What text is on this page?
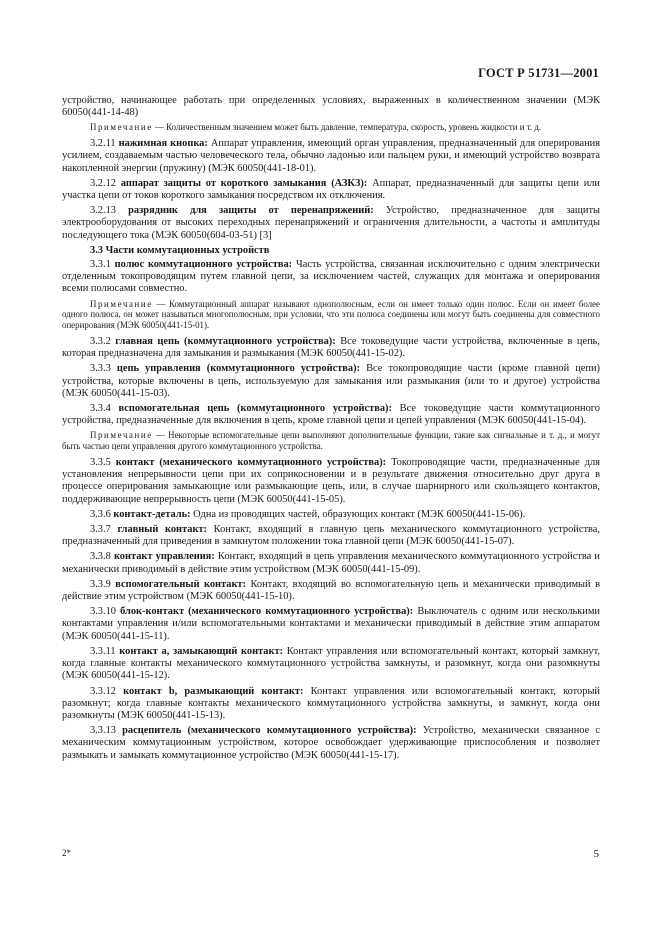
ГОСТ Р 51731—2001

устройство, начинающее работать при определенных условиях, выраженных в количественном значении (МЭК 60050(441-14-48)

Примечание — Количественным значением может быть давление, температура, скорость, уровень жидкости и т. д.

3.2.11 нажимная кнопка: Аппарат управления, имеющий орган управления, предназначенный для оперирования усилием, создаваемым частью человеческого тела, обычно ладонью или пальцем руки, и имеющий устройство возврата накопленной энергии (пружину) (МЭК 60050(441-18-01).

3.2.12 аппарат защиты от короткого замыкания (АЗКЗ): Аппарат, предназначенный для защиты цепи или участка цепи от токов короткого замыкания посредством их отключения.

3.2.13 разрядник для защиты от перенапряжений: Устройство, предназначенное для защиты электрооборудования от высоких переходных перенапряжений и ограничения длительности, а частоты и амплитуды последующего тока (МЭК 60050(604-03-51) [3]

3.3 Части коммутационных устройств

3.3.1 полюс коммутационного устройства: Часть устройства, связанная исключительно с одним электрически отделенным токопроводящим путем главной цепи, за исключением частей, служащих для монтажа и оперирования всеми полюсами совместно.

Примечание — Коммутационный аппарат называют однополюсным, если он имеет только один полюс. Если он имеет более одного полюса, он может называться многополюсным, при условии, что эти полюса соединены или могут быть соединены для совместного оперирования (МЭК 60050(441-15-01).

3.3.2 главная цепь (коммутационного устройства): Все токоведущие части устройства, включенные в цепь, которая предназначена для замыкания и размыкания (МЭК 60050(441-15-02).

3.3.3 цепь управления (коммутационного устройства): Все токопроводящие части (кроме главной цепи) устройства, которые включены в цепь, используемую для замыкания или размыкания (или то и другое) устройства (МЭК 60050(441-15-03).

3.3.4 вспомогательная цепь (коммутационного устройства): Все токоведущие части коммутационного устройства, предназначенные для включения в цепь, кроме главной цепи и цепей управления (МЭК 60050(441-15-04).

Примечание — Некоторые вспомогательные цепи выполняют дополнительные функции, такие как сигнальные и т. д., и могут быть частью цепи управления другого коммутационного устройства.

3.3.5 контакт (механического коммутационного устройства): Токопроводящие части, предназначенные для установления непрерывности цепи при их соприкосновении и в результате движения относительно друг друга в процессе оперирования замыкающие или размыкающие цепь, или, в случае шарнирного или скользящего контактов, поддерживающие непрерывность цепи (МЭК 60050(441-15-05).

3.3.6 контакт-деталь: Одна из проводящих частей, образующих контакт (МЭК 60050(441-15-06).

3.3.7 главный контакт: Контакт, входящий в главную цепь механического коммутационного устройства, предназначенный для приведения в замкнутом положении тока главной цепи (МЭК 60050(441-15-07).

3.3.8 контакт управления: Контакт, входящий в цепь управления механического коммутационного устройства и механически приводимый в действие этим устройством (МЭК 60050(441-15-09).

3.3.9 вспомогательный контакт: Контакт, входящий во вспомогательную цепь и механически приводимый в действие этим устройством (МЭК 60050(441-15-10).

3.3.10 блок-контакт (механического коммутационного устройства): Выключатель с одним или несколькими контактами управления и/или вспомогательными контактами и механически приводимый в действие этим аппаратом (МЭК 60050(441-15-11).

3.3.11 контакт а, замыкающий контакт: Контакт управления или вспомогательный контакт, который замкнут, когда главные контакты механического коммутационного устройства замкнуты, и разомкнут, когда они разомкнуты (МЭК 60050(441-15-12).

3.3.12 контакт b, размыкающий контакт: Контакт управления или вспомогательный контакт, который разомкнут; когда главные контакты механического коммутационного устройства замкнуты, и замкнут, когда они разомкнуты (МЭК 60050(441-15-13).

3.3.13 расцепитель (механического коммутационного устройства): Устройство, механически связанное с механическим коммутационным устройством, которое освобождает удерживающие приспособления и позволяет размыкать и замыкать коммутационное устройство (МЭК 60050(441-15-17).

2*	5
